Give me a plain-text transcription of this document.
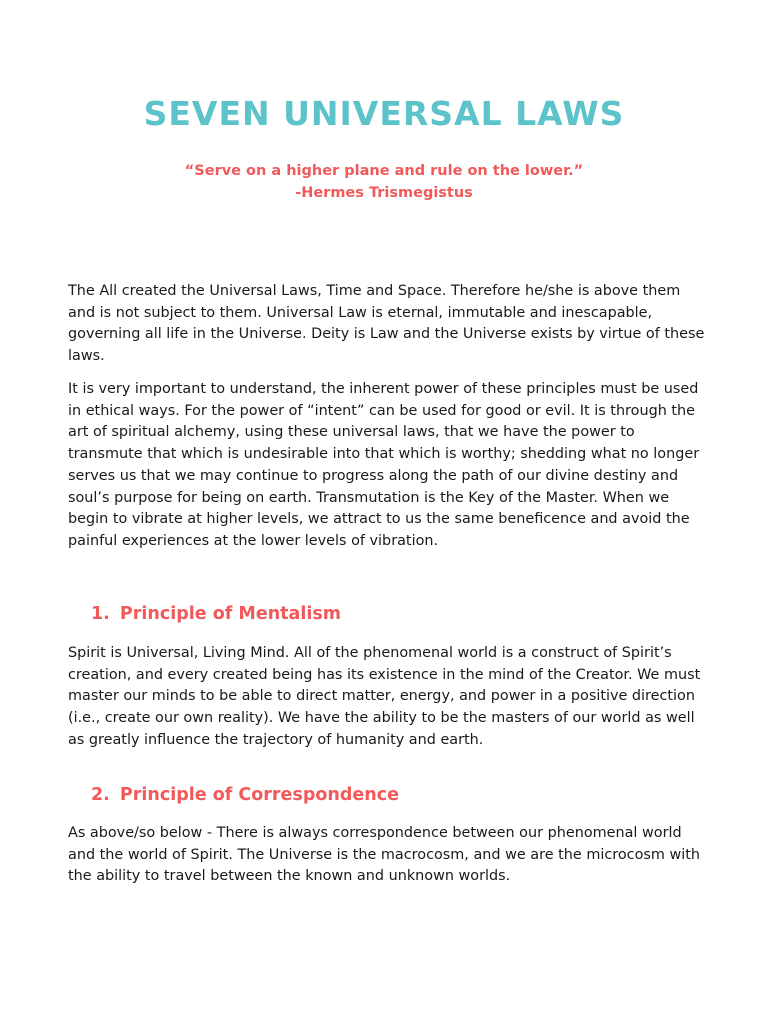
SEVEN UNIVERSAL LAWS

“Serve on a higher plane and rule on the lower.”

-Hermes Trismegistus

The All created the Universal Laws, Time and Space. Therefore he/she is above them and is not subject to them. Universal Law is eternal, immutable and inescapable, governing all life in the Universe. Deity is Law and the Universe exists by virtue of these laws.

It is very important to understand, the inherent power of these principles must be used in ethical ways. For the power of “intent” can be used for good or evil. It is through the art of spiritual alchemy, using these universal laws, that we have the power to transmute that which is undesirable into that which is worthy; shedding what no longer serves us that we may continue to progress along the path of our divine destiny and soul’s purpose for being on earth. Transmutation is the Key of the Master. When we begin to vibrate at higher levels, we attract to us the same beneficence and avoid the painful experiences at the lower levels of vibration.

1. Principle of Mentalism

Spirit is Universal, Living Mind. All of the phenomenal world is a construct of Spirit’s creation, and every created being has its existence in the mind of the Creator. We must master our minds to be able to direct matter, energy, and power in a positive direction (i.e., create our own reality). We have the ability to be the masters of our world as well as greatly influence the trajectory of humanity and earth.

2. Principle of Correspondence

As above/so below - There is always correspondence between our phenomenal world and the world of Spirit. The Universe is the macrocosm, and we are the microcosm with the ability to travel between the known and unknown worlds.
